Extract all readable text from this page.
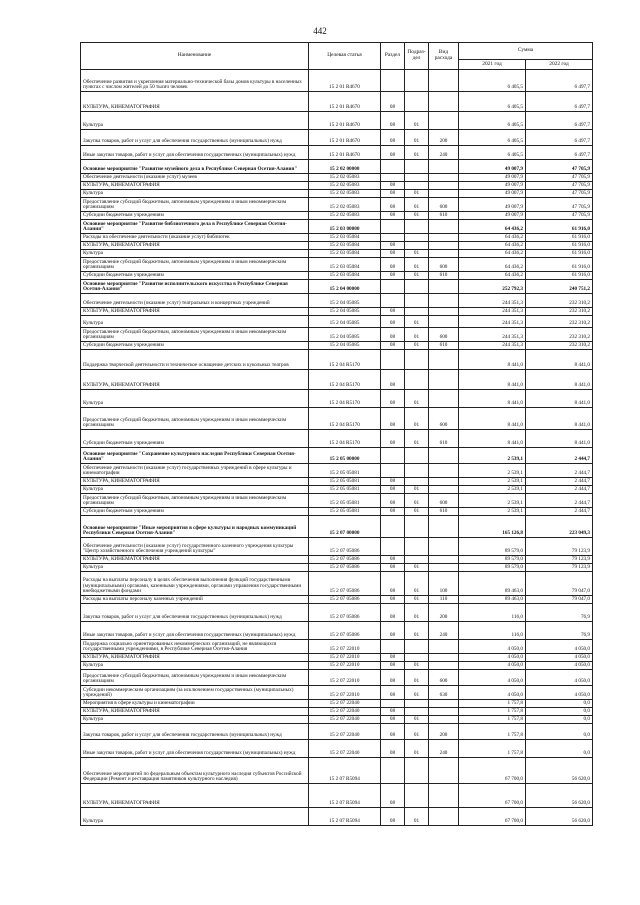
442
Наименование	Целевая статья	Раздел	Подраз-дел	Вид расхода	Сумма	
					2021 год	2022 год
Обеспечение развития и укрепления материально-технической базы домов культуры в населенных пунктах с числом жителей до 50 тысяч человек	15 2 01 R4670				6 405,5	6 497,7
КУЛЬТУРА, КИНЕМАТОГРАФИЯ	15 2 01 R4670	08			6 405,5	6 497,7
Культура	15 2 01 R4670	08	01		6 405,5	6 497,7
Закупка товаров, работ и услуг для обеспечения государственных (муниципальных) нужд	15 2 01 R4670	08	01	200	6 405,5	6 497,7
Иные закупки товаров, работ и услуг для обеспечения государственных (муниципальных) нужд	15 2 01 R4670	08	01	240	6 405,5	6 497,7
Основное мероприятие "Развитие музейного дела в Республике Северная Осетия-Алания"	15 2 02 00000				49 007,9	47 705,9
Обеспечение деятельности (оказание услуг) музеев	15 2 02 05083				49 007,9	47 705,9
КУЛЬТУРА, КИНЕМАТОГРАФИЯ	15 2 02 05083	08			49 007,9	47 705,9
Культура	15 2 02 05083	08	01		49 007,9	47 705,9
Предоставление субсидий бюджетным, автономным учреждениям и иным некоммерческим организациям	15 2 02 05083	08	01	600	49 007,9	47 705,9
Субсидии бюджетным учреждениям	15 2 02 05083	08	01	610	49 007,9	47 705,9
Основное мероприятие "Развитие библиотечного дела в Республике Северная Осетия-Алания"	15 2 03 00000				64 436,2	61 916,0
Расходы на обеспечение деятельности (оказание услуг) библиотек	15 2 03 05084				64 436,2	61 916,0
КУЛЬТУРА, КИНЕМАТОГРАФИЯ	15 2 03 05084	08			64 436,2	61 916,0
Культура	15 2 03 05084	08	01		64 436,2	61 916,0
Предоставление субсидий бюджетным, автономным учреждениям и иным некоммерческим организациям	15 2 03 05084	08	01	600	64 436,2	61 916,0
Субсидии бюджетным учреждениям	15 2 03 05084	08	01	610	64 436,2	61 916,0
Основное мероприятие "Развитие исполнительского искусства в Республике Северная Осетия-Алания"	15 2 04 00000				252 792,3	240 751,2
Обеспечение деятельности (оказание услуг) театральных и концертных учреждений	15 2 04 05085				244 351,3	232 310,2
КУЛЬТУРА, КИНЕМАТОГРАФИЯ	15 2 04 05085	08			244 351,3	232 310,2
Культура	15 2 04 05085	08	01		244 351,3	232 310,2
Предоставление субсидий бюджетным, автономным учреждениям и иным некоммерческим организациям	15 2 04 05085	08	01	600	244 351,3	232 310,2
Субсидии бюджетным учреждениям	15 2 04 05085	08	01	610	244 351,3	232 310,2
Поддержка творческой деятельности и техническое оснащение детских и кукольных театров	15 2 04 R5170				8 441,0	8 441,0
КУЛЬТУРА, КИНЕМАТОГРАФИЯ	15 2 04 R5170	08			8 441,0	8 441,0
Культура	15 2 04 R5170	08	01		8 441,0	8 441,0
Предоставление субсидий бюджетным, автономным учреждениям и иным некоммерческим организациям	15 2 04 R5170	08	01	600	8 441,0	8 441,0
Субсидии бюджетным учреждениям	15 2 04 R5170	08	01	610	8 441,0	8 441,0
Основное мероприятие "Сохранение культурного наследия Республики Северная Осетия-Алания"	15 2 05 00000				2 539,1	2 444,7
Обеспечение деятельности (оказание услуг) государственных учреждений в сфере культуры и кинематографии	15 2 05 05081				2 539,1	2 444,7
КУЛЬТУРА, КИНЕМАТОГРАФИЯ	15 2 05 05081	08			2 539,1	2 444,7
Культура	15 2 05 05081	08	01		2 539,1	2 444,7
Предоставление субсидий бюджетным, автономным учреждениям и иным некоммерческим организациям	15 2 05 05081	08	01	600	2 539,1	2 444,7
Субсидии бюджетным учреждениям	15 2 05 05081	08	01	610	2 539,1	2 444,7
Основное мероприятие "Иные мероприятия в сфере культуры и народных коммуникаций Республики Северная Осетия-Алания"	15 2 07 00000				165 126,8	223 049,3
Обеспечение деятельности (оказание услуг) государственного казенного учреждения культуры "Центр хозяйственного обеспечения учреждений культуры"	15 2 07 05086				89 579,0	79 123,9
КУЛЬТУРА, КИНЕМАТОГРАФИЯ	15 2 07 05086	08			89 579,0	79 123,9
Культура	15 2 07 05086	08	01		89 579,0	79 123,9
Расходы на выплаты персоналу в целях обеспечения выполнения функций государственными (муниципальными) органами, казенными учреждениями, органами управления государственными внебюджетными фондами	15 2 07 05086	08	01	100	89 463,0	79 047,0
Расходы на выплаты персоналу казенных учреждений	15 2 07 05086	08	01	110	89 463,0	79 047,0
Закупка товаров, работ и услуг для обеспечения государственных (муниципальных) нужд	15 2 07 05086	08	01	200	116,0	76,9
Иные закупки товаров, работ и услуг для обеспечения государственных (муниципальных) нужд	15 2 07 05086	08	01	240	116,0	76,9
Поддержка социально ориентированных некоммерческих организаций, не являющихся государственными учреждениями, в Республике Северная Осетия-Алания	15 2 07 22010				4 050,0	4 050,0
КУЛЬТУРА, КИНЕМАТОГРАФИЯ	15 2 07 22010	08			4 050,0	4 050,0
Культура	15 2 07 22010	08	01		4 050,0	4 050,0
Предоставление субсидий бюджетным, автономным учреждениям и иным некоммерческим организациям	15 2 07 22010	08	01	600	4 050,0	4 050,0
Субсидии некоммерческим организациям (за исключением государственных (муниципальных) учреждений)	15 2 07 22010	08	01	630	4 050,0	4 050,0
Мероприятия в сфере культуры и кинематографии	15 2 07 22040				1 757,8	0,0
КУЛЬТУРА, КИНЕМАТОГРАФИЯ	15 2 07 22040	08			1 757,8	0,0
Культура	15 2 07 22040	08	01		1 757,8	0,0
Закупка товаров, работ и услуг для обеспечения государственных (муниципальных) нужд	15 2 07 22040	08	01	200	1 757,8	0,0
Иные закупки товаров, работ и услуг для обеспечения государственных (муниципальных) нужд	15 2 07 22040	08	01	240	1 757,8	0,0
Обеспечение мероприятий по федеральным объектам культурного наследия субъектов Российской Федерации (Ремонт и реставрация памятников культурного наследия)	15 2 07 R5094				67 700,0	56 620,0
КУЛЬТУРА, КИНЕМАТОГРАФИЯ	15 2 07 R5094	08			67 700,0	56 620,0
Культура	15 2 07 R5094	08	01		67 700,0	56 620,0
